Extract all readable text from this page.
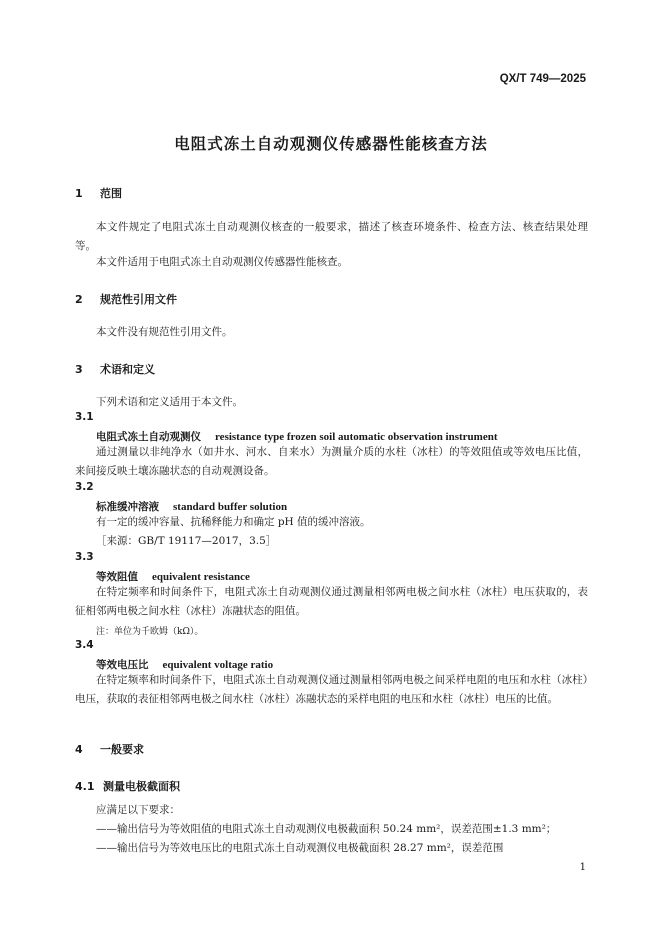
QX/T 749—2025
电阻式冻土自动观测仪传感器性能核查方法
1 范围
本文件规定了电阻式冻土自动观测仪核查的一般要求，描述了核查环境条件、检查方法、核查结果处理等。
本文件适用于电阻式冻土自动观测仪传感器性能核查。
2 规范性引用文件
本文件没有规范性引用文件。
3 术语和定义
下列术语和定义适用于本文件。
3.1
电阻式冻土自动观测仪 resistance type frozen soil automatic observation instrument
通过测量以非纯净水（如井水、河水、自来水）为测量介质的水柱（冰柱）的等效阻值或等效电压比值，来间接反映土壤冻融状态的自动观测设备。
3.2
标准缓冲溶液 standard buffer solution
有一定的缓冲容量、抗稀释能力和确定 pH 值的缓冲溶液。
［来源：GB/T 19117—2017，3.5］
3.3
等效阻值 equivalent resistance
在特定频率和时间条件下，电阻式冻土自动观测仪通过测量相邻两电极之间水柱（冰柱）电压获取的，表征相邻两电极之间水柱（冰柱）冻融状态的阻值。
注：单位为千欧姆（kΩ）。
3.4
等效电压比 equivalent voltage ratio
在特定频率和时间条件下，电阻式冻土自动观测仪通过测量相邻两电极之间采样电阻的电压和水柱（冰柱）电压，获取的表征相邻两电极之间水柱（冰柱）冻融状态的采样电阻的电压和水柱（冰柱）电压的比值。
4 一般要求
4.1 测量电极截面积
应满足以下要求：
——输出信号为等效阻值的电阻式冻土自动观测仪电极截面积 50.24 mm²，误差范围±1.3 mm²；
——输出信号为等效电压比的电阻式冻土自动观测仪电极截面积 28.27 mm²，误差范围
1
